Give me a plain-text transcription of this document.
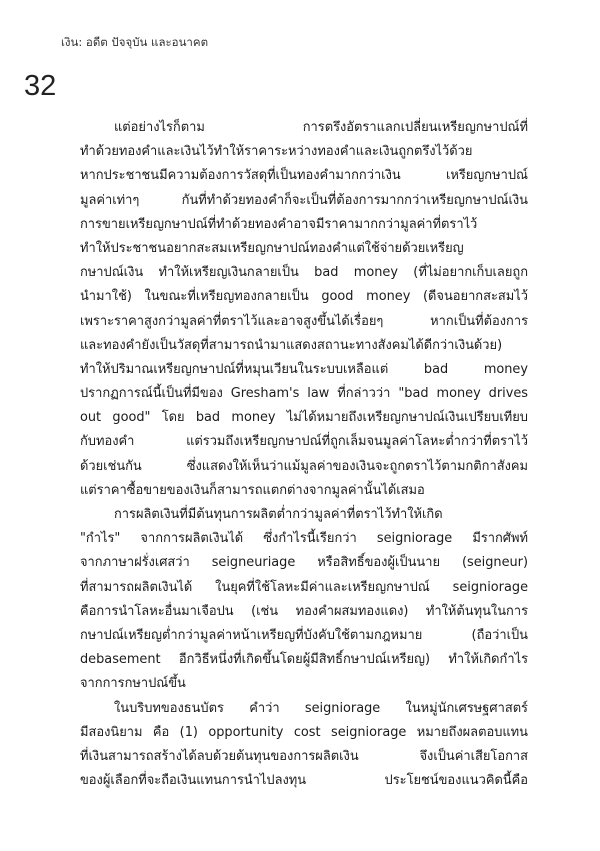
เงิน: อดีต ปัจจุบัน และอนาคต
32
แต่อย่างไรก็ตาม การตรึงอัตราแลกเปลี่ยนเหรียญกษาปณ์ที่
ทำด้วยทองคำและเงินไว้ทำให้ราคาระหว่างทองคำและเงินถูกตรึงไว้ด้วย
หากประชาชนมีความต้องการวัสดุที่เป็นทองคำมากกว่าเงิน เหรียญกษาปณ์
มูลค่าเท่าๆ กันที่ทำด้วยทองคำก็จะเป็นที่ต้องการมากกว่าเหรียญกษาปณ์เงิน
การขายเหรียญกษาปณ์ที่ทำด้วยทองคำอาจมีราคามากกว่ามูลค่าที่ตราไว้
ทำให้ประชาชนอยากสะสมเหรียญกษาปณ์ทองคำแต่ใช้จ่ายด้วยเหรียญ
กษาปณ์เงิน ทำให้เหรียญเงินกลายเป็น bad money (ที่ไม่อยากเก็บเลยถูก
นำมาใช้) ในขณะที่เหรียญทองกลายเป็น good money (ดีจนอยากสะสมไว้
เพราะราคาสูงกว่ามูลค่าที่ตราไว้และอาจสูงขึ้นได้เรื่อยๆ หากเป็นที่ต้องการ
และทองคำยังเป็นวัสดุที่สามารถนำมาแสดงสถานะทางสังคมได้ดีกว่าเงินด้วย)
ทำให้ปริมาณเหรียญกษาปณ์ที่หมุนเวียนในระบบเหลือแต่ bad money
ปรากฏการณ์นี้เป็นที่มีของ Gresham's law ที่กล่าวว่า "bad money drives
out good" โดย bad money ไม่ได้หมายถึงเหรียญกษาปณ์เงินเปรียบเทียบ
กับทองคำ แต่รวมถึงเหรียญกษาปณ์ที่ถูกเล็มจนมูลค่าโลหะต่ำกว่าที่ตราไว้
ด้วยเช่นกัน ซึ่งแสดงให้เห็นว่าแม้มูลค่าของเงินจะถูกตราไว้ตามกติกาสังคม
แต่ราคาซื้อขายของเงินก็สามารถแตกต่างจากมูลค่านั้นได้เสมอ
การผลิตเงินที่มีต้นทุนการผลิตต่ำกว่ามูลค่าที่ตราไว้ทำให้เกิด
"กำไร" จากการผลิตเงินได้ ซึ่งกำไรนี้เรียกว่า seigniorage มีรากศัพท์
จากภาษาฝรั่งเศสว่า seigneuriage หรือสิทธิ์ของผู้เป็นนาย (seigneur)
ที่สามารถผลิตเงินได้ ในยุคที่ใช้โลหะมีค่าและเหรียญกษาปณ์ seigniorage
คือการนำโลหะอื่นมาเจือปน (เช่น ทองคำผสมทองแดง) ทำให้ต้นทุนในการ
กษาปณ์เหรียญต่ำกว่ามูลค่าหน้าเหรียญที่บังคับใช้ตามกฎหมาย (ถือว่าเป็น
debasement อีกวิธีหนึ่งที่เกิดขึ้นโดยผู้มีสิทธิ์กษาปณ์เหรียญ) ทำให้เกิดกำไร
จากการกษาปณ์ขึ้น
ในบริบทของธนบัตร คำว่า seigniorage ในหมู่นักเศรษฐศาสตร์
มีสองนิยาม คือ (1) opportunity cost seigniorage หมายถึงผลตอบแทน
ที่เงินสามารถสร้างได้ลบด้วยต้นทุนของการผลิตเงิน จึงเป็นค่าเสียโอกาส
ของผู้เลือกที่จะถือเงินแทนการนำไปลงทุน ประโยชน์ของแนวคิดนี้คือ
